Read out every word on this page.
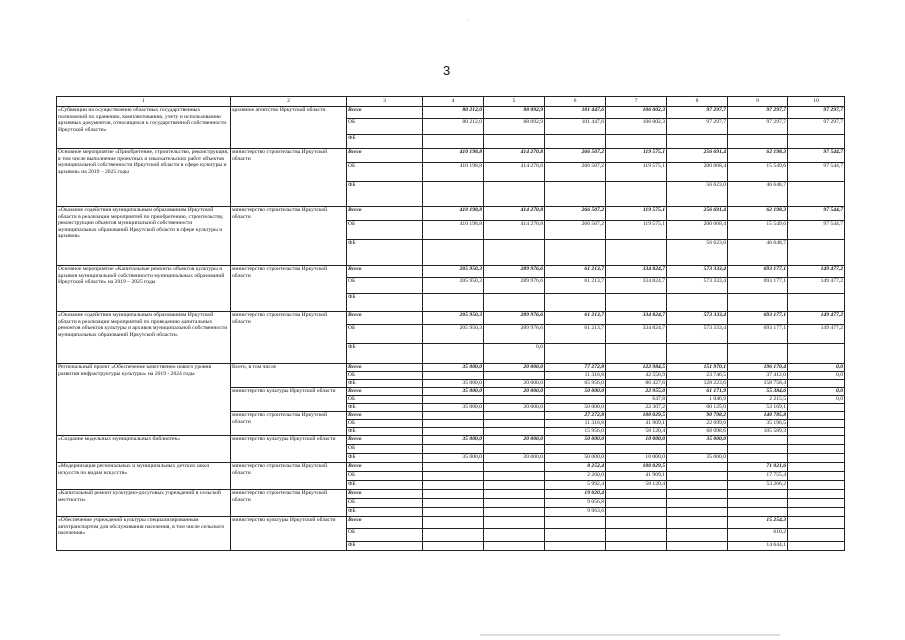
3
1	2	3	4	5	6	7	8	9	10
«Субвенции на осуществление областных государственных полномочий по хранению, комплектованию, учету и использованию архивных документов, относящихся к государственной собственности Иркутской области»	архивное агентство Иркутской области	Всего	80 212,0	88 092,9	101 447,6	106 002,3	97 297,7	97 297,7	97 297,7
		ОБ	80 212,0	88 092,9	101 447,6	106 002,3	97 297,7	97 297,7	97 297,7
		ФБ							
Основное мероприятие «Приобретение, строительство, реконструкция, в том числе выполнение проектных и изыскательских работ объектов муниципальной собственности Иркутской области в сфере культуры и архивов» на 2019 – 2025 годы	министерство строительства Иркутской области	Всего	410 198,8	414 270,8	266 507,2	119 575,1	256 691,4	62 198,3	97 544,7
		ОБ	410 198,8	414 270,8	266 507,2	119 575,1	200 068,4	15 549,6	97 544,7
		ФБ					56 623,0	46 648,7	
«Оказание содействия муниципальным образованиям Иркутской области в реализации мероприятий по приобретению, строительству, реконструкции объектов муниципальной собственности муниципальных образований Иркутской области в сфере культуры и архивов»	министерство строительства Иркутской области	Всего	410 198,8	414 270,8	266 507,2	119 575,1	256 691,4	62 198,3	97 544,7
		ОБ	410 198,8	414 270,8	266 507,2	119 575,1	200 068,4	15 549,6	97 544,7
		ФБ					56 623,0	46 648,7	
Основное мероприятие «Капитальные ремонты объектов культуры и архивов муниципальной собственности муниципальных образований Иркутской области» на 2019 – 2025 годы	министерство строительства Иркутской области	Всего	205 950,3	289 976,6	61 213,7	334 824,7	573 333,4	693 177,1	149 477,2
		ОБ	205 950,3	289 976,6	61 213,7	334 824,7	573 333,4	693 177,1	149 477,2
		ФБ							
«Оказание содействия муниципальным образованиям Иркутской области в реализации мероприятий по проведению капитальных ремонтов объектов культуры и архивов муниципальной собственности муниципальных образований Иркутской области»	министерство строительства Иркутской области	Всего	205 950,3	289 976,6	61 213,7	334 824,7	573 333,4	693 177,1	149 477,2
		ОБ	205 950,3	289 976,6	61 213,7	334 824,7	573 333,4	693 177,1	149 477,2
		ФБ		0,0					
Региональный проект «Обеспечение качественно нового уровня развития инфраструктуры культуры» на 2019 - 2024 годы	Всего, в том числе	Всего	35 000,0	20 000,0	77 272,8	122 984,5	151 970,1	196 170,4	0,0
		ОБ			11 316,8	42 556,9	23 746,5	37 412,0	0,0
		ФБ	35 000,0	20 000,0	65 956,0	80 427,6	128 223,6	158 758,4	
	министерство культуры Иркутской области	Всего	35 000,0	20 000,0	50 000,0	22 955,0	61 171,9	55 384,6	0,0
		ОБ				647,8	1 046,9	2 215,5	0,0
		ФБ	35 000,0	20 000,0	50 000,0	22 307,2	60 125,0	53 169,1	
	министерство строительства Иркутской области	Всего			27 272,8	100 029,5	90 798,2	140 785,8	
		ОБ			11 316,8	41 909,1	22 699,6	35 196,5	
		ФБ			15 956,0	58 120,4	68 098,6	105 589,3	
«Создание модельных муниципальных библиотек»	министерство культуры Иркутской области	Всего	35 000,0	20 000,0	50 000,0	10 000,0	35 000,0		
		ОБ							
		ФБ	35 000,0	20 000,0	50 000,0	10 000,0	35 000,0		
«Модернизация региональных и муниципальных детских школ искусств по видам искусств»	министерство строительства Иркутской области	Всего			8 252,4	100 029,5		71 021,6	
		ОБ			2 260,0	41 909,1		17 755,4	
		ФБ			5 992,4	58 120,4		53 266,2	
«Капитальный ремонт культурно-досуговых учреждений в сельской местности»	министерство строительства Иркутской области	Всего			19 020,4				
		ОБ			9 056,8				
		ФБ			9 963,6				
«Обеспечение учреждений культуры специализированным автотранспортом для обслуживания населения, в том числе сельского населения»	министерство культуры Иркутской области	Всего						15 254,3	
		ОБ						610,2	
		ФБ						14 644,1	
